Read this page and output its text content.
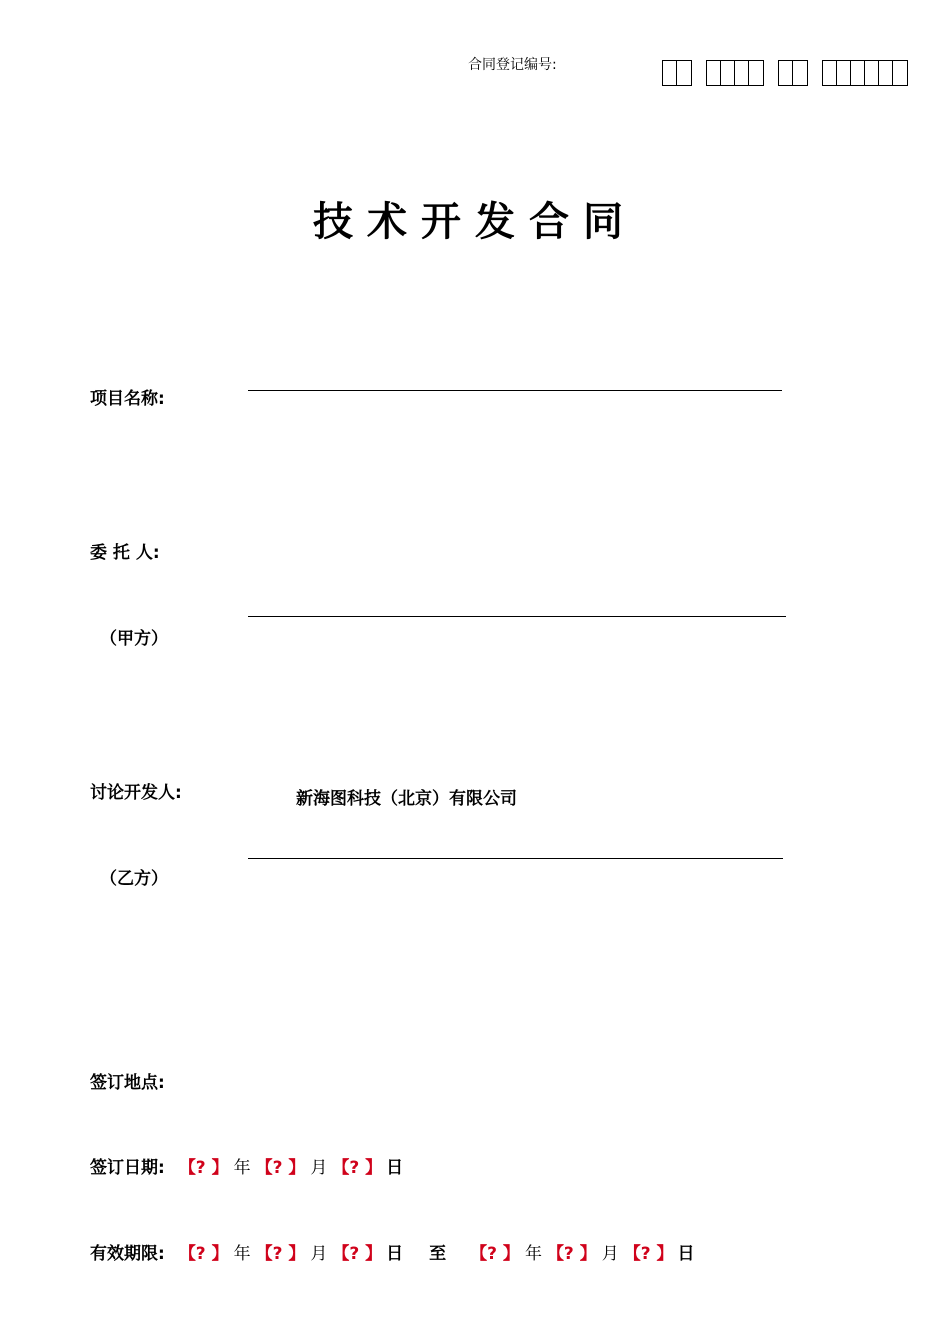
合同登记编号:
技术开发合同
项目名称:
委 托 人:
（甲方）
讨论开发人:	新海图科技（北京）有限公司
（乙方）
签订地点:
签订日期: 【? 】 年 【? 】 月 【? 】 日
有效期限: 【? 】 年 【? 】 月 【? 】 日 至 【? 】 年 【? 】 月 【? 】 日
